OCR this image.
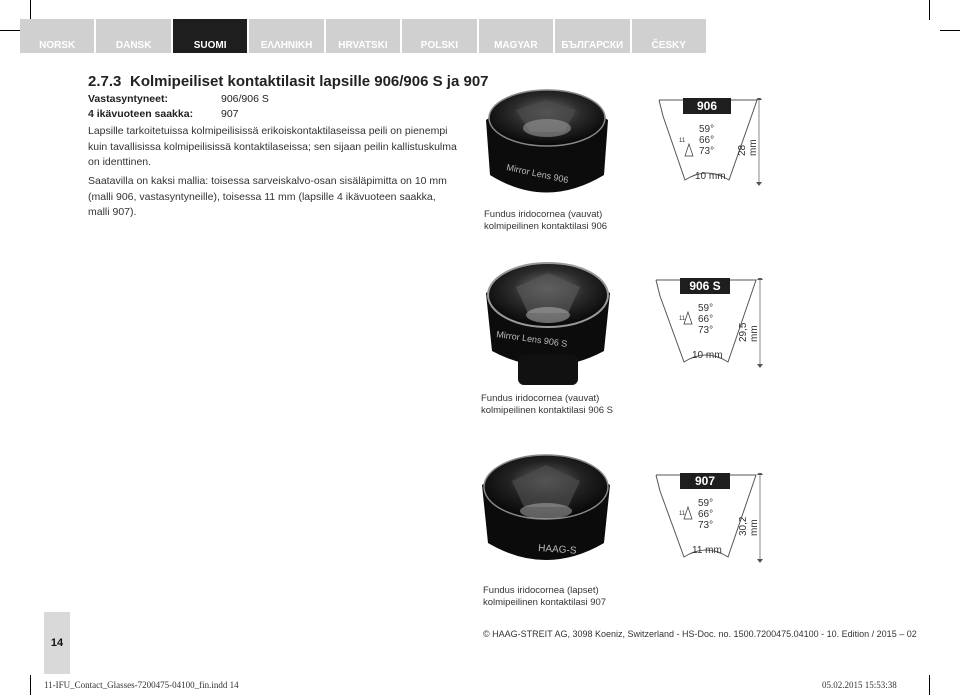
NORSK	DANSK	SUOMI	ΕΛΛΗΝΙΚΗ	HRVATSKI	POLSKI	MAGYAR	БЪЛГАРСКИ	ČESKY
2.7.3 Kolmipeiliset kontaktilasit lapsille 906/906 S ja 907
Vastasyntyneet:	906/906 S
4 ikävuoteen saakka:	907
Lapsille tarkoitetuissa kolmipeilisissä erikoiskontaktilaseissa peili on pienempi kuin tavallisissa kolmipeilisissä kontaktilaseissa; sen sijaan peilin kallistuskulma on identtinen.
Saatavilla on kaksi mallia: toisessa sarveiskalvo-osan sisäläpimitta on 10 mm (malli 906, vastasyntyneille), toisessa 11 mm (lapsille 4 ikävuoteen saakka, malli 907).
Mirror Lens 906
Fundus iridocornea (vauvat)
kolmipeilinen kontaktilasi 906
906
11
59°
66°
73°
10 mm
28 mm
Mirror Lens 906 S
Fundus iridocornea (vauvat)
kolmipeilinen kontaktilasi 906 S
906 S
11
59°
66°
73°
10 mm
29,5 mm
HAAG-S
Fundus iridocornea (lapset)
kolmipeilinen kontaktilasi 907
907
11
59°
66°
73°
11 mm
30,2 mm
14
© HAAG-STREIT AG, 3098 Koeniz, Switzerland - HS-Doc. no. 1500.7200475.04100 - 10. Edition / 2015 – 02
11-IFU_Contact_Glasses-7200475-04100_fin.indd 14	05.02.2015 15:53:38
